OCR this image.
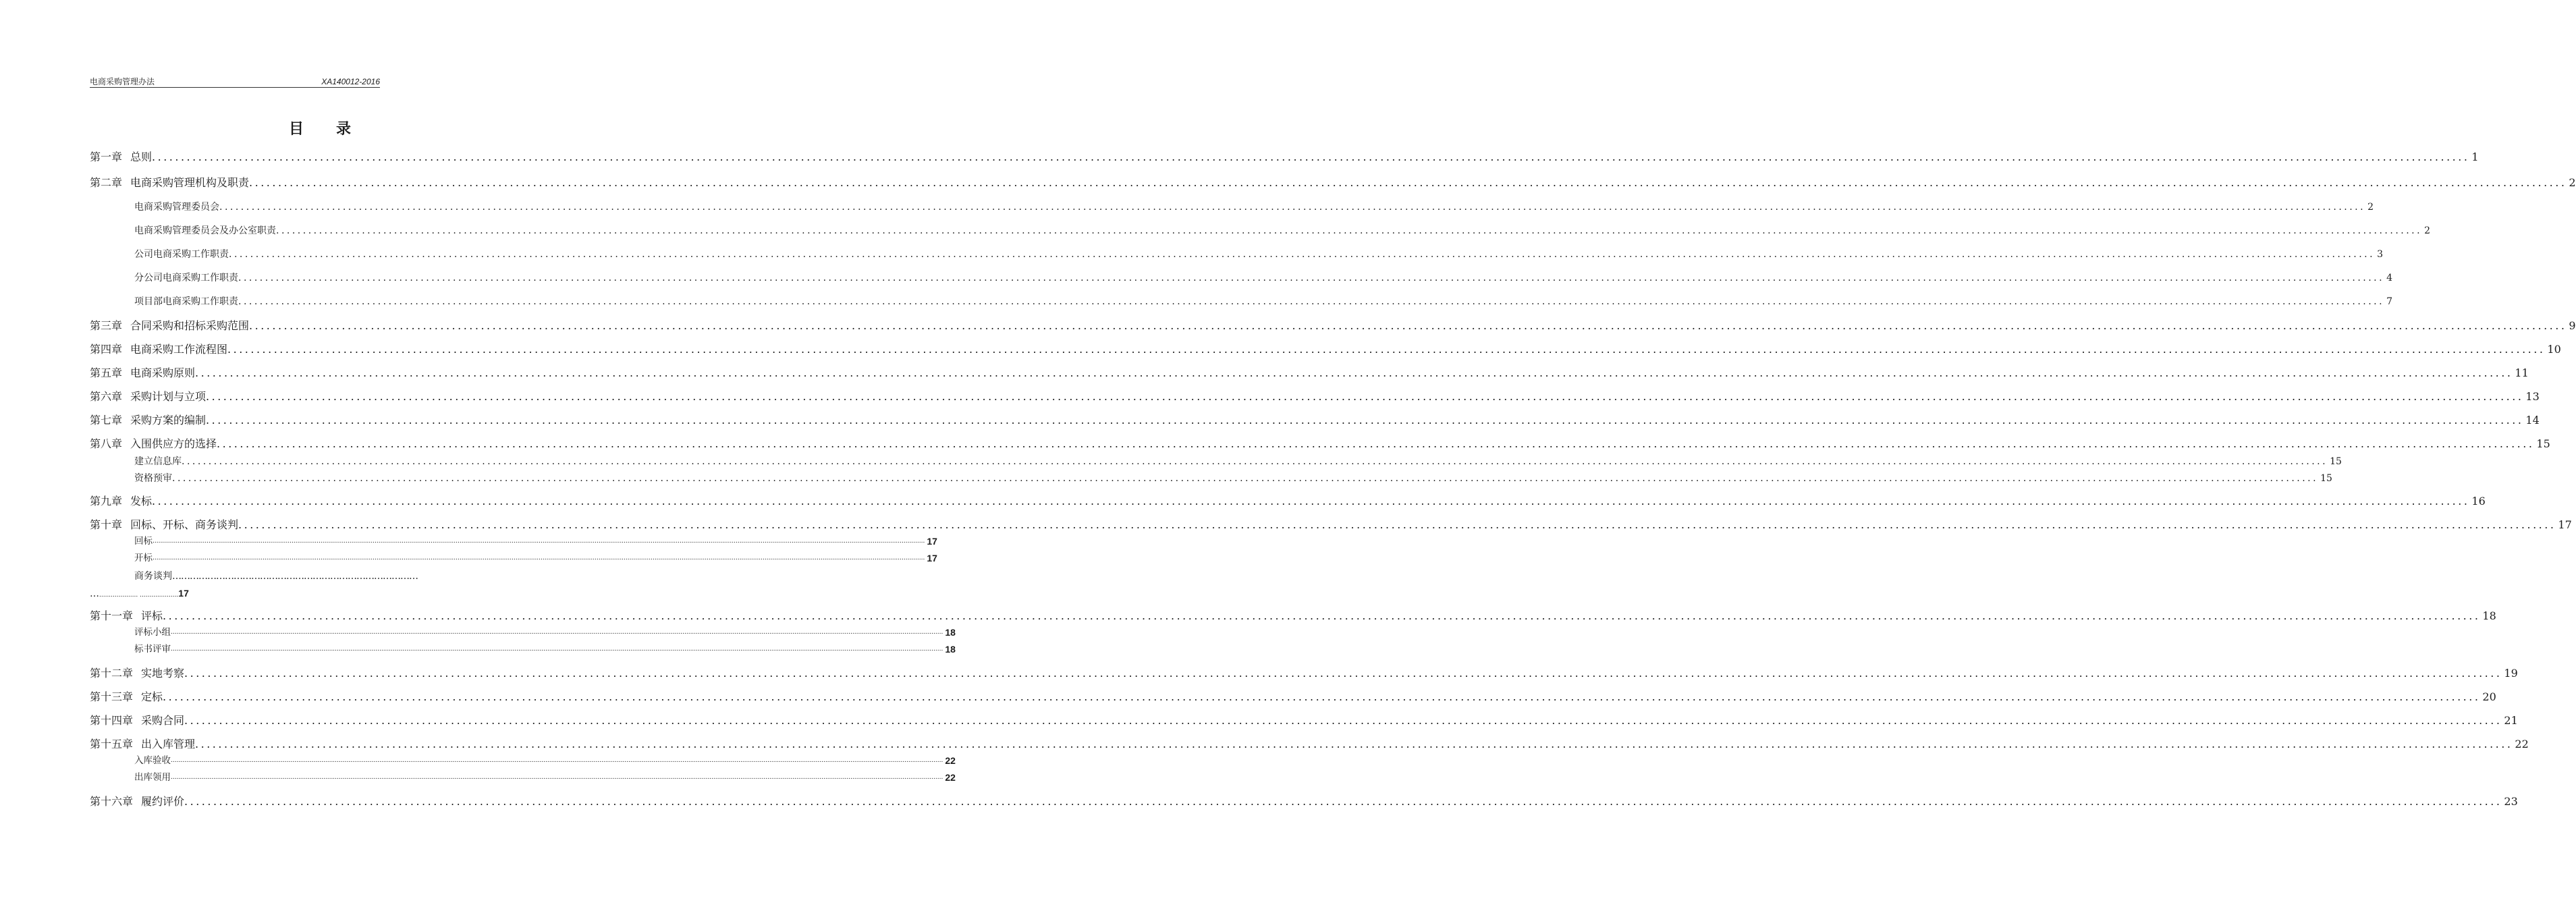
电商采购管理办法	XA140012-2016
目 录
第一章 总则 ................................................................................................................................................................................................................................................................................................................................................................................................................ 1
第二章 电商采购管理机构及职责 ................................................................................................................................................................................................................................................................................................................................................................................................................ 2
电商采购管理委员会 ................................................................................................................................................................................................................................................................................................................................................................................................................ 2
电商采购管理委员会及办公室职责 ................................................................................................................................................................................................................................................................................................................................................................................................................ 2
公司电商采购工作职责 ................................................................................................................................................................................................................................................................................................................................................................................................................ 3
分公司电商采购工作职责 ................................................................................................................................................................................................................................................................................................................................................................................................................ 4
项目部电商采购工作职责 ................................................................................................................................................................................................................................................................................................................................................................................................................ 7
第三章 合同采购和招标采购范围 ................................................................................................................................................................................................................................................................................................................................................................................................................ 9
第四章 电商采购工作流程图 ................................................................................................................................................................................................................................................................................................................................................................................................................ 10
第五章 电商采购原则 ................................................................................................................................................................................................................................................................................................................................................................................................................ 11
第六章 采购计划与立项 ................................................................................................................................................................................................................................................................................................................................................................................................................ 13
第七章 采购方案的编制 ................................................................................................................................................................................................................................................................................................................................................................................................................ 14
第八章 入围供应方的选择 ................................................................................................................................................................................................................................................................................................................................................................................................................ 15
建立信息库 ................................................................................................................................................................................................................................................................................................................................................................................................................ 15
资格预审 ................................................................................................................................................................................................................................................................................................................................................................................................................ 15
第九章 发标 ................................................................................................................................................................................................................................................................................................................................................................................................................ 16
第十章 回标、开标、商务谈判 ................................................................................................................................................................................................................................................................................................................................................................................................................ 17
回标 ................................................................................................................................................................................................................................................................................................................................................................................................................ 17
开标 ................................................................................................................................................................................................................................................................................................................................................................................................................ 17
商务谈判…………………………………………………………………………
….................... ....................17
第十一章 评标 ................................................................................................................................................................................................................................................................................................................................................................................................................ 18
评标小组 ................................................................................................................................................................................................................................................................................................................................................................................................................ 18
标书评审 ................................................................................................................................................................................................................................................................................................................................................................................................................ 18
第十二章 实地考察 ................................................................................................................................................................................................................................................................................................................................................................................................................ 19
第十三章 定标 ................................................................................................................................................................................................................................................................................................................................................................................................................ 20
第十四章 采购合同 ................................................................................................................................................................................................................................................................................................................................................................................................................ 21
第十五章 出入库管理 ................................................................................................................................................................................................................................................................................................................................................................................................................ 22
入库验收 ................................................................................................................................................................................................................................................................................................................................................................................................................ 22
出库领用 ................................................................................................................................................................................................................................................................................................................................................................................................................ 22
第十六章 履约评价 ................................................................................................................................................................................................................................................................................................................................................................................................................ 23
